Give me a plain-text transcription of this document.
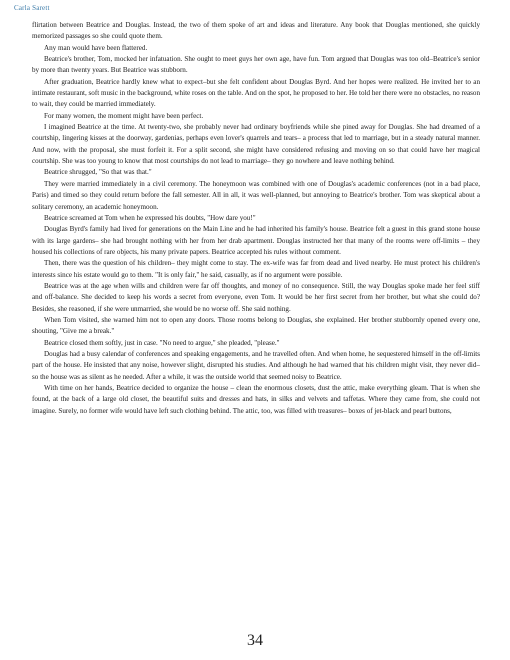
Carla Sarett

flirtation between Beatrice and Douglas. Instead, the two of them spoke of art and ideas and literature. Any book that Douglas mentioned, she quickly memorized passages so she could quote them.

Any man would have been flattered.

Beatrice's brother, Tom, mocked her infatuation. She ought to meet guys her own age, have fun. Tom argued that Douglas was too old–Beatrice's senior by more than twenty years. But Beatrice was stubborn.

After graduation, Beatrice hardly knew what to expect–but she felt confident about Douglas Byrd. And her hopes were realized. He invited her to an intimate restaurant, soft music in the background, white roses on the table. And on the spot, he proposed to her. He told her there were no obstacles, no reason to wait, they could be married immediately.

For many women, the moment might have been perfect.

I imagined Beatrice at the time. At twenty-two, she probably never had ordinary boyfriends while she pined away for Douglas. She had dreamed of a courtship, lingering kisses at the doorway, gardenias, perhaps even lover's quarrels and tears– a process that led to marriage, but in a steady natural manner. And now, with the proposal, she must forfeit it. For a split second, she might have considered refusing and moving on so that could have her magical courtship. She was too young to know that most courtships do not lead to marriage– they go nowhere and leave nothing behind.

Beatrice shrugged, "So that was that."

They were married immediately in a civil ceremony. The honeymoon was combined with one of Douglas's academic conferences (not in a bad place, Paris) and timed so they could return before the fall semester. All in all, it was well-planned, but annoying to Beatrice's brother. Tom was skeptical about a solitary ceremony, an academic honeymoon.

Beatrice screamed at Tom when he expressed his doubts, "How dare you!"

Douglas Byrd's family had lived for generations on the Main Line and he had inherited his family's house. Beatrice felt a guest in this grand stone house with its large gardens– she had brought nothing with her from her drab apartment. Douglas instructed her that many of the rooms were off-limits – they housed his collections of rare objects, his many private papers. Beatrice accepted his rules without comment.

Then, there was the question of his children– they might come to stay. The ex-wife was far from dead and lived nearby. He must protect his children's interests since his estate would go to them. "It is only fair," he said, casually, as if no argument were possible.

Beatrice was at the age when wills and children were far off thoughts, and money of no consequence. Still, the way Douglas spoke made her feel stiff and off-balance. She decided to keep his words a secret from everyone, even Tom. It would be her first secret from her brother, but what she could do? Besides, she reasoned, if she were unmarried, she would be no worse off. She said nothing.

When Tom visited, she warned him not to open any doors. Those rooms belong to Douglas, she explained. Her brother stubbornly opened every one, shouting, "Give me a break."

Beatrice closed them softly, just in case. "No need to argue," she pleaded, "please."

Douglas had a busy calendar of conferences and speaking engagements, and he travelled often. And when home, he sequestered himself in the off-limits part of the house. He insisted that any noise, however slight, disrupted his studies. And although he had warned that his children might visit, they never did–so the house was as silent as he needed. After a while, it was the outside world that seemed noisy to Beatrice.

With time on her hands, Beatrice decided to organize the house – clean the enormous closets, dust the attic, make everything gleam. That is when she found, at the back of a large old closet, the beautiful suits and dresses and hats, in silks and velvets and taffetas. Where they came from, she could not imagine. Surely, no former wife would have left such clothing behind. The attic, too, was filled with treasures– boxes of jet-black and pearl buttons,

34
